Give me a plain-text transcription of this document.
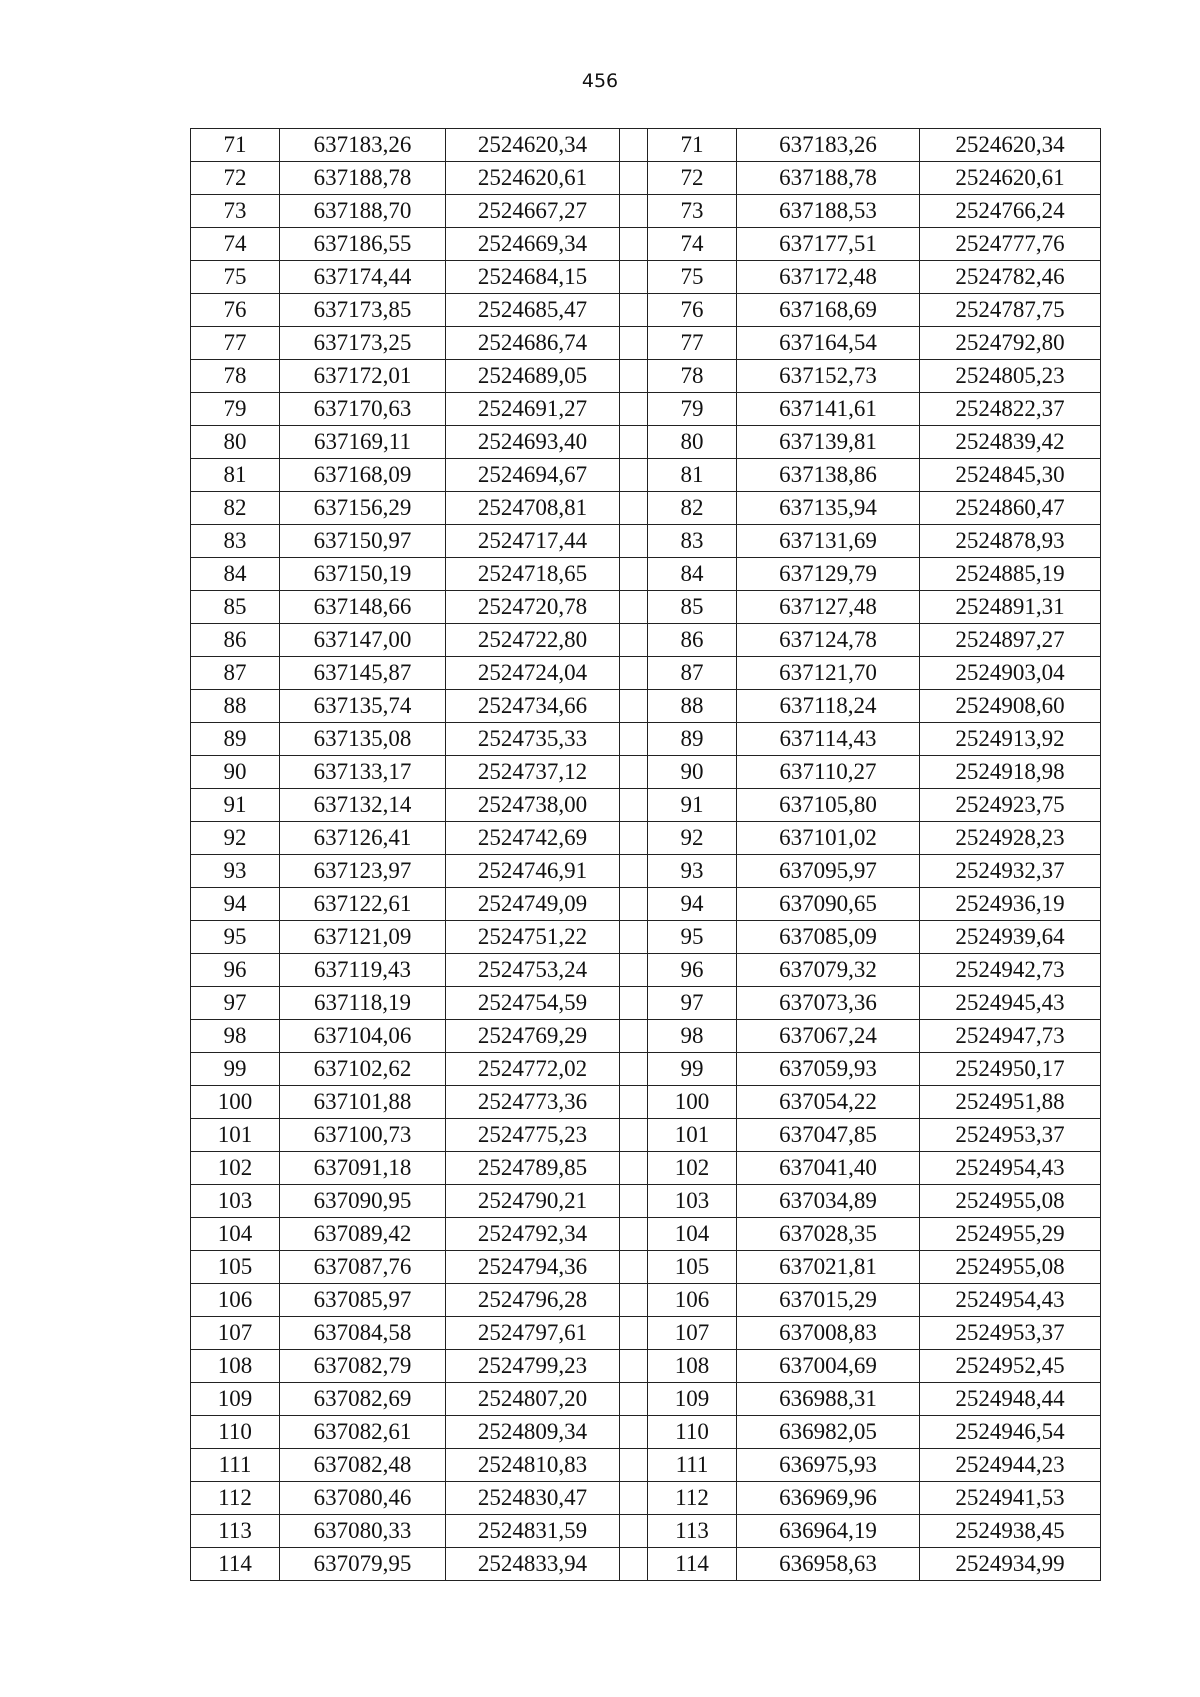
456
71	637183,26	2524620,34		71	637183,26	2524620,34
72	637188,78	2524620,61		72	637188,78	2524620,61
73	637188,70	2524667,27		73	637188,53	2524766,24
74	637186,55	2524669,34		74	637177,51	2524777,76
75	637174,44	2524684,15		75	637172,48	2524782,46
76	637173,85	2524685,47		76	637168,69	2524787,75
77	637173,25	2524686,74		77	637164,54	2524792,80
78	637172,01	2524689,05		78	637152,73	2524805,23
79	637170,63	2524691,27		79	637141,61	2524822,37
80	637169,11	2524693,40		80	637139,81	2524839,42
81	637168,09	2524694,67		81	637138,86	2524845,30
82	637156,29	2524708,81		82	637135,94	2524860,47
83	637150,97	2524717,44		83	637131,69	2524878,93
84	637150,19	2524718,65		84	637129,79	2524885,19
85	637148,66	2524720,78		85	637127,48	2524891,31
86	637147,00	2524722,80		86	637124,78	2524897,27
87	637145,87	2524724,04		87	637121,70	2524903,04
88	637135,74	2524734,66		88	637118,24	2524908,60
89	637135,08	2524735,33		89	637114,43	2524913,92
90	637133,17	2524737,12		90	637110,27	2524918,98
91	637132,14	2524738,00		91	637105,80	2524923,75
92	637126,41	2524742,69		92	637101,02	2524928,23
93	637123,97	2524746,91		93	637095,97	2524932,37
94	637122,61	2524749,09		94	637090,65	2524936,19
95	637121,09	2524751,22		95	637085,09	2524939,64
96	637119,43	2524753,24		96	637079,32	2524942,73
97	637118,19	2524754,59		97	637073,36	2524945,43
98	637104,06	2524769,29		98	637067,24	2524947,73
99	637102,62	2524772,02		99	637059,93	2524950,17
100	637101,88	2524773,36		100	637054,22	2524951,88
101	637100,73	2524775,23		101	637047,85	2524953,37
102	637091,18	2524789,85		102	637041,40	2524954,43
103	637090,95	2524790,21		103	637034,89	2524955,08
104	637089,42	2524792,34		104	637028,35	2524955,29
105	637087,76	2524794,36		105	637021,81	2524955,08
106	637085,97	2524796,28		106	637015,29	2524954,43
107	637084,58	2524797,61		107	637008,83	2524953,37
108	637082,79	2524799,23		108	637004,69	2524952,45
109	637082,69	2524807,20		109	636988,31	2524948,44
110	637082,61	2524809,34		110	636982,05	2524946,54
111	637082,48	2524810,83		111	636975,93	2524944,23
112	637080,46	2524830,47		112	636969,96	2524941,53
113	637080,33	2524831,59		113	636964,19	2524938,45
114	637079,95	2524833,94		114	636958,63	2524934,99
